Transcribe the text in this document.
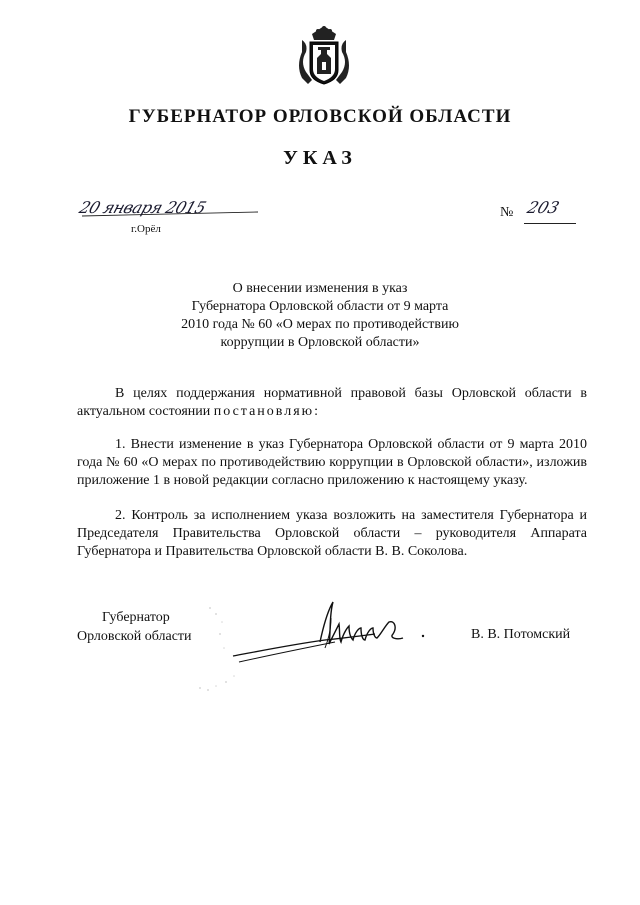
ГУБЕРНАТОР ОРЛОВСКОЙ ОБЛАСТИ
УКАЗ
20 января 2015
г.Орёл
№ 203
О внесении изменения в указ
Губернатора Орловской области от 9 марта
2010 года № 60 «О мерах по противодействию
коррупции в Орловской области»
В целях поддержания нормативной правовой базы Орловской области в актуальном состоянии постановляю:
1. Внести изменение в указ Губернатора Орловской области от 9 марта 2010 года № 60 «О мерах по противодействию коррупции в Орловской области», изложив приложение 1 в новой редакции согласно приложению к настоящему указу.
2. Контроль за исполнением указа возложить на заместителя Губернатора и Председателя Правительства Орловской области – руководителя Аппарата Губернатора и Правительства Орловской области В. В. Соколова.
Губернатор
Орловской области	В. В. Потомский
